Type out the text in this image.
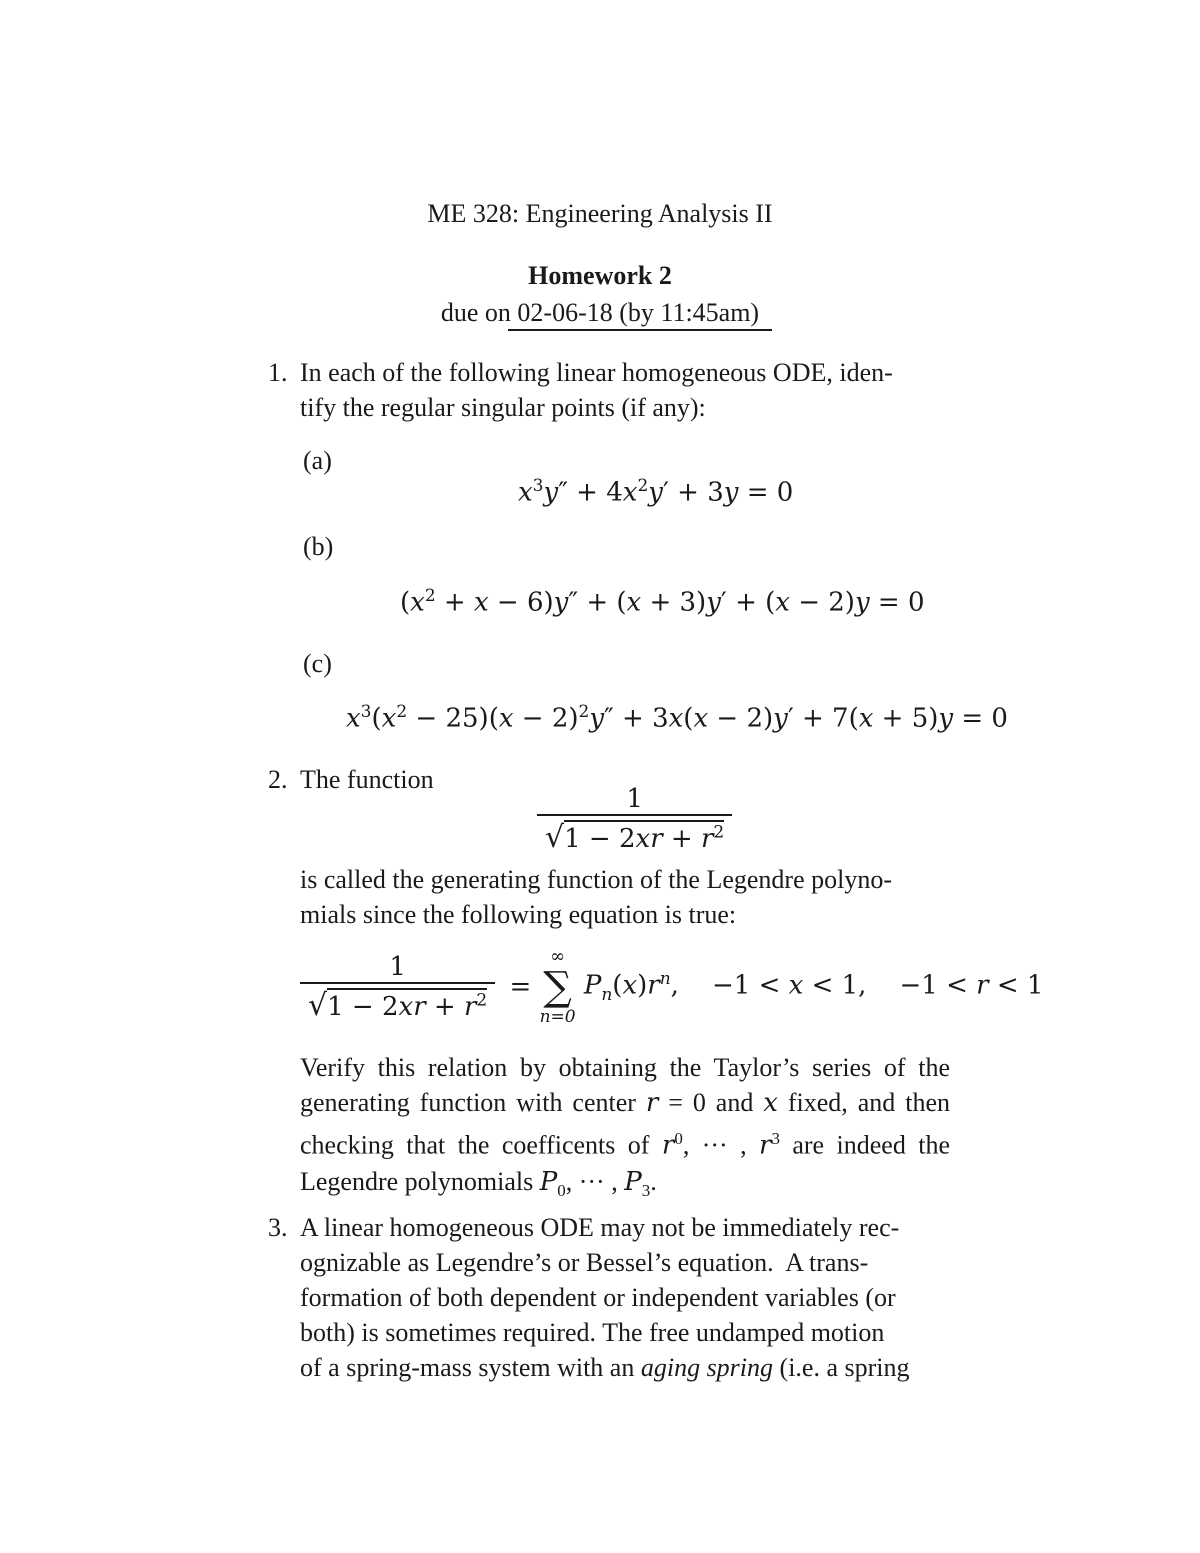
ME 328: Engineering Analysis II
Homework 2
due on 02-06-18 (by 11:45am)
1. In each of the following linear homogeneous ODE, iden-
tify the regular singular points (if any):
(a)
$x^3y'' + 4x^2y' + 3y = 0$
(b)
$(x^2 + x - 6)y'' + (x + 3)y' + (x - 2)y = 0$
(c)
$x^3(x^2 - 25)(x - 2)^2y'' + 3x(x - 2)y' + 7(x + 5)y = 0$
2. The function
$\frac{1}{√1 - 2xr + r^2}$
is called the generating function of the Legendre polyno-
mials since the following equation is true:
$\frac{1}{√1 - 2xr + r^2}$ =
∞
∑
n=0
$P_n(x)r^n$,    −1 < x < 1,    −1 < r < 1
Verify this relation by obtaining the Taylor’s series of the generating function with center r = 0 and x fixed, and then checking that the coefficents of $r^0$, ··· , $r^3$ are indeed the Legendre polynomials $P_0$, ··· , $P_3$.
3. A linear homogeneous ODE may not be immediately rec-
ognizable as Legendre’s or Bessel’s equation.  A trans-
formation of both dependent or independent variables (or
both) is sometimes required. The free undamped motion
of a spring-mass system with an aging spring (i.e. a spring
